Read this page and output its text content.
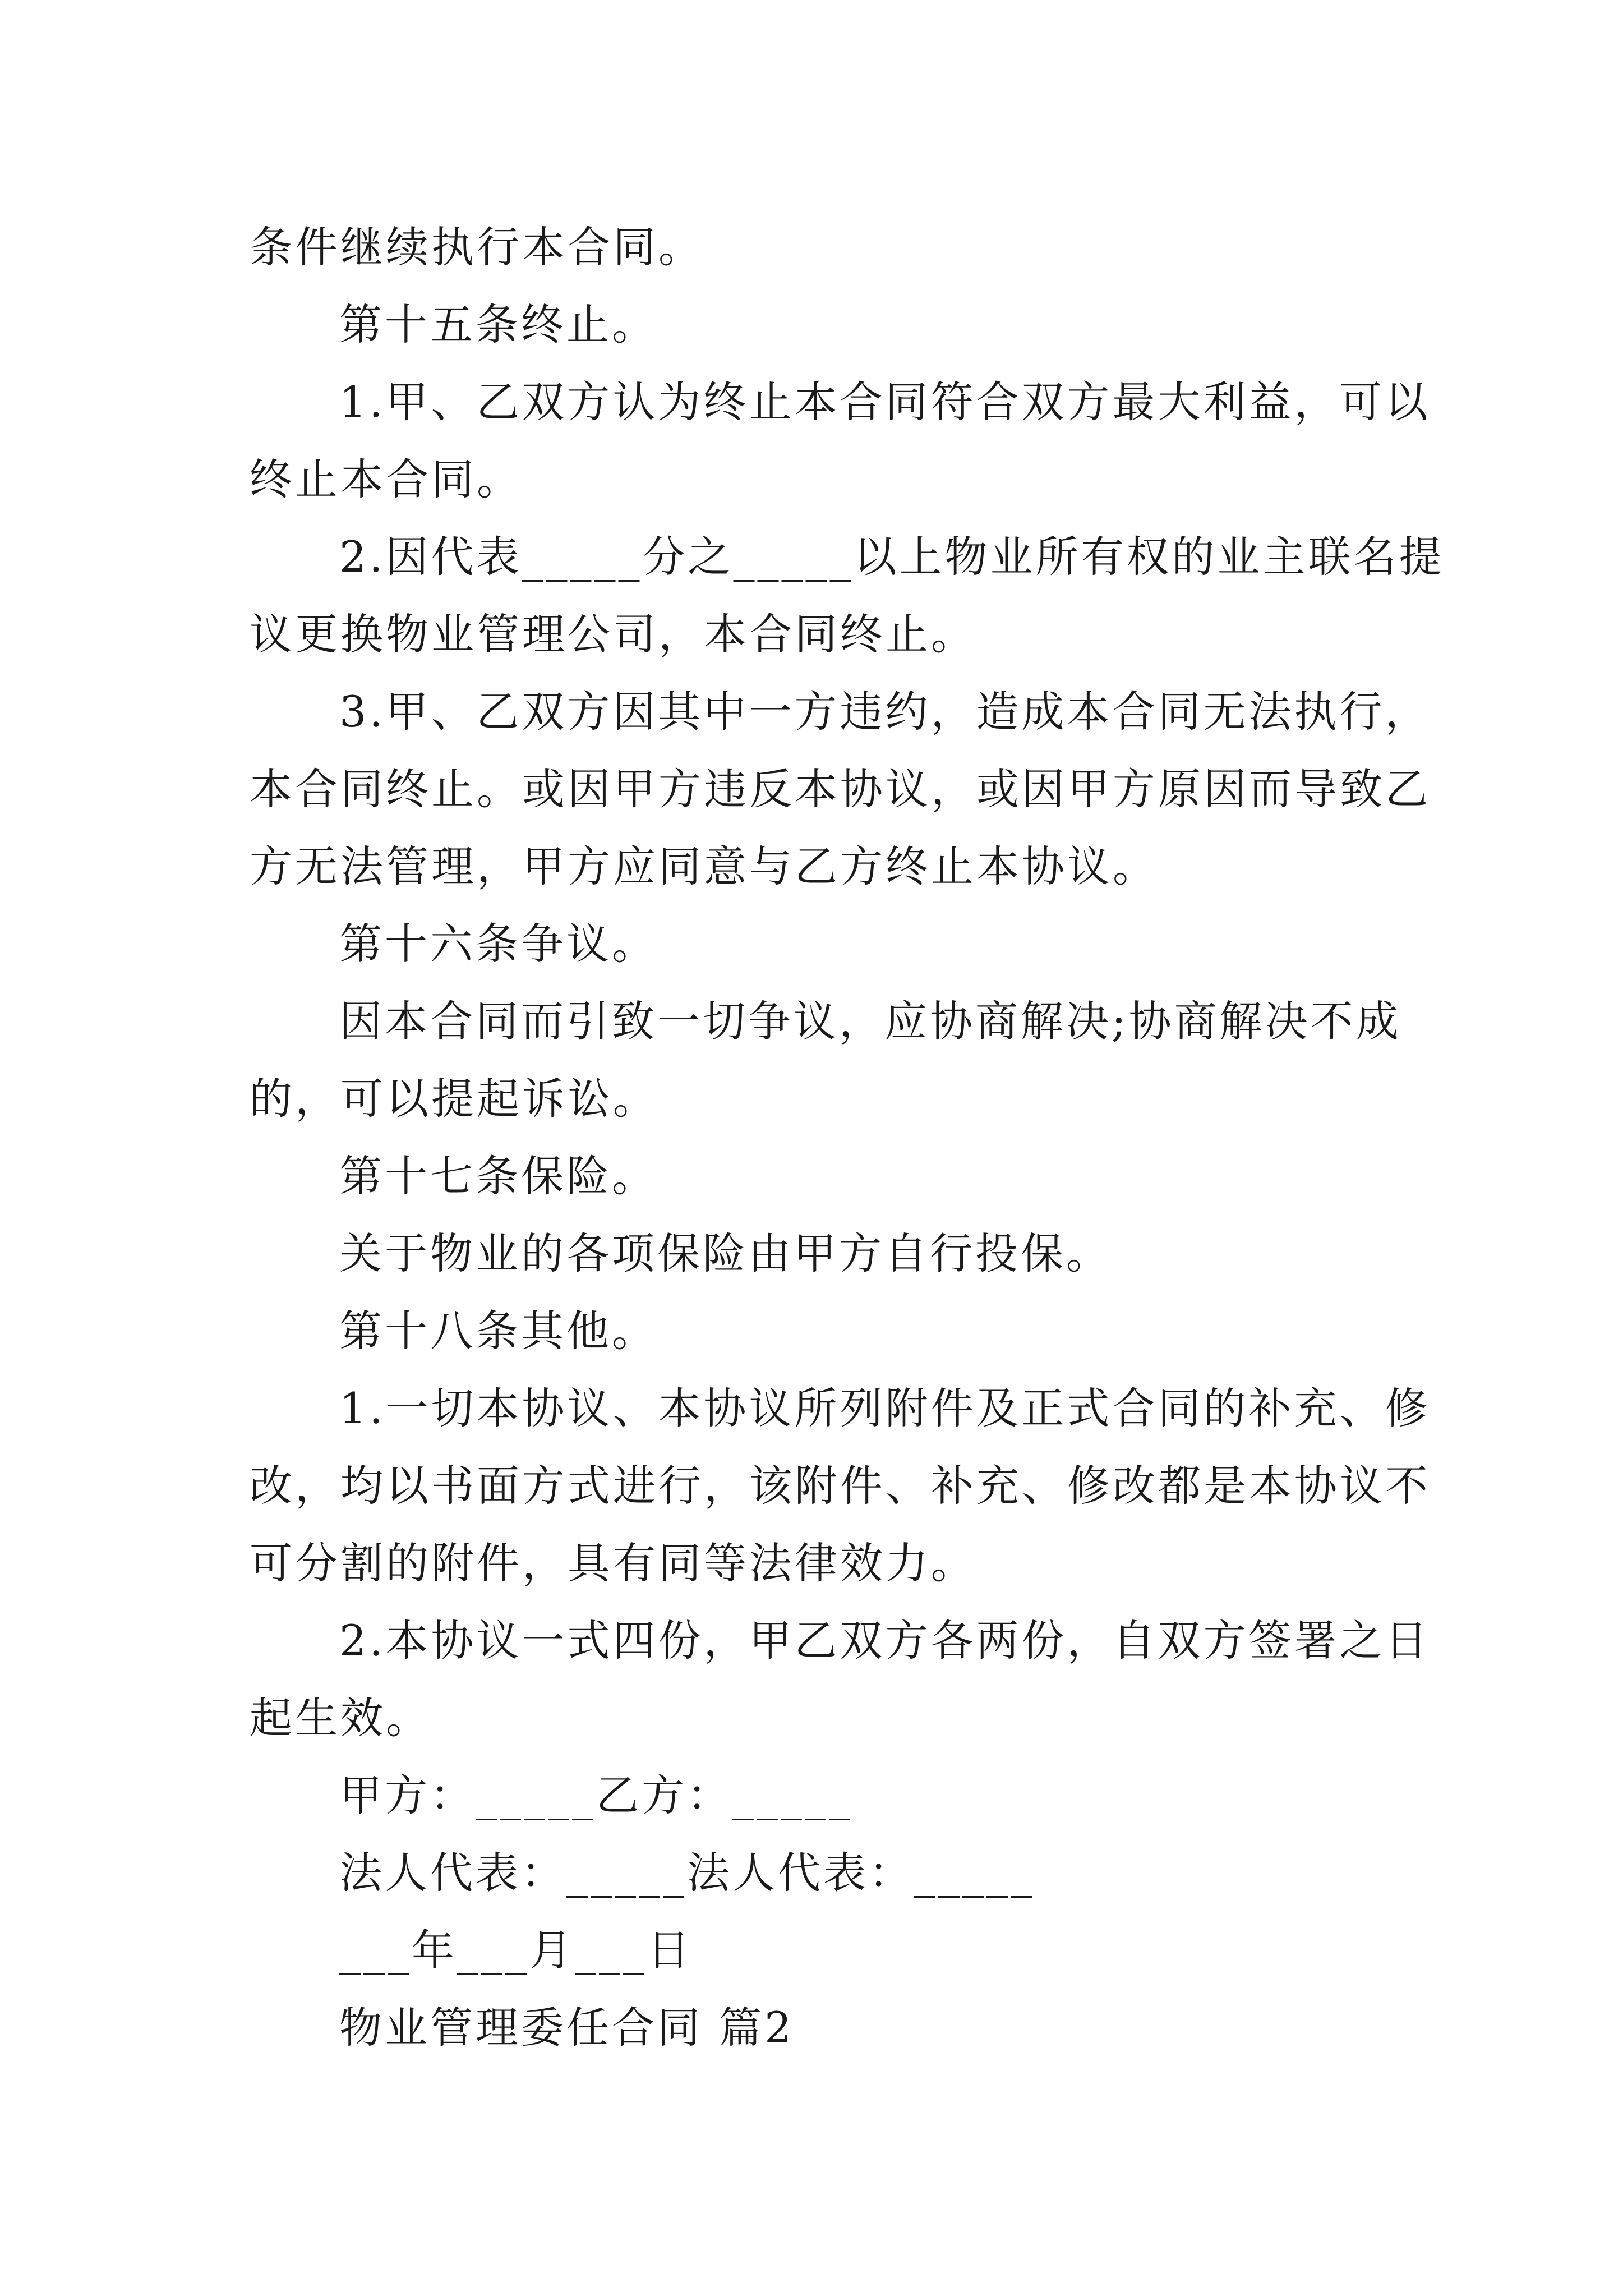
条件继续执行本合同。
第十五条终止。
1.甲、乙双方认为终止本合同符合双方最大利益，可以
终止本合同。
2.因代表_____分之_____以上物业所有权的业主联名提
议更换物业管理公司，本合同终止。
3.甲、乙双方因其中一方违约，造成本合同无法执行，
本合同终止。或因甲方违反本协议，或因甲方原因而导致乙
方无法管理，甲方应同意与乙方终止本协议。
第十六条争议。
因本合同而引致一切争议，应协商解决;协商解决不成
的，可以提起诉讼。
第十七条保险。
关于物业的各项保险由甲方自行投保。
第十八条其他。
1.一切本协议、本协议所列附件及正式合同的补充、修
改，均以书面方式进行，该附件、补充、修改都是本协议不
可分割的附件，具有同等法律效力。
2.本协议一式四份，甲乙双方各两份，自双方签署之日
起生效。
甲方：_____乙方：_____
法人代表：_____法人代表：_____
___年___月___日
物业管理委任合同 篇2
